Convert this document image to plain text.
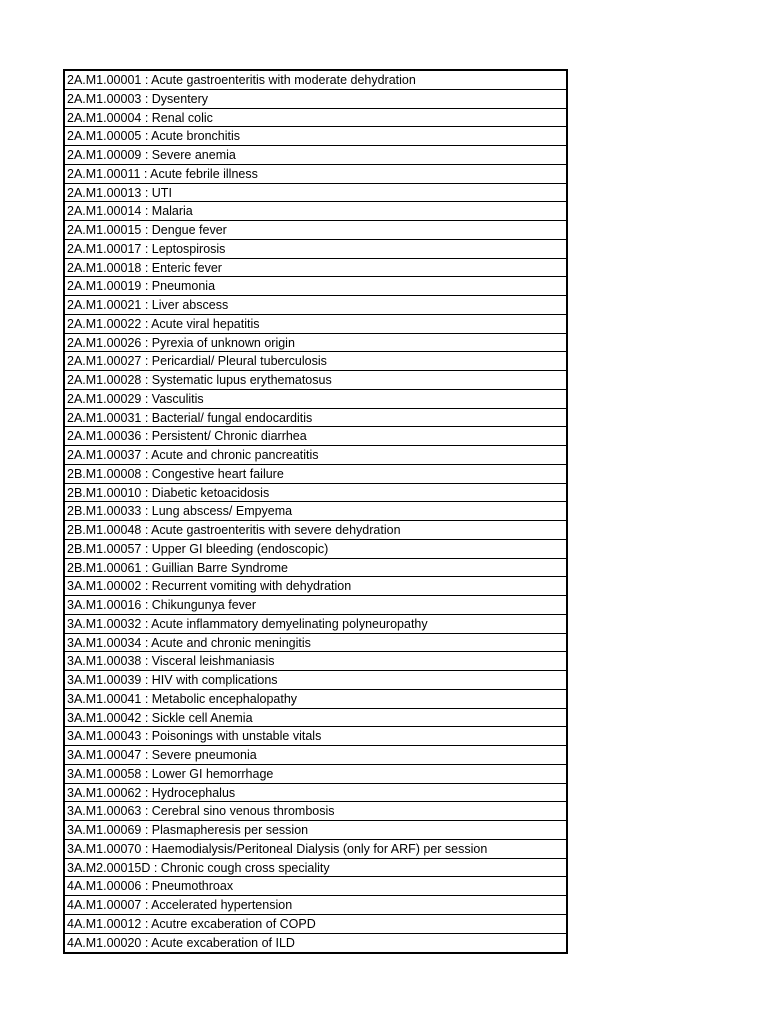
2A.M1.00001 : Acute gastroenteritis with moderate dehydration
2A.M1.00003 : Dysentery
2A.M1.00004 : Renal colic
2A.M1.00005 : Acute bronchitis
2A.M1.00009 : Severe anemia
2A.M1.00011 : Acute febrile illness
2A.M1.00013 : UTI
2A.M1.00014 : Malaria
2A.M1.00015 : Dengue fever
2A.M1.00017 : Leptospirosis
2A.M1.00018 : Enteric fever
2A.M1.00019 : Pneumonia
2A.M1.00021 : Liver abscess
2A.M1.00022 : Acute viral hepatitis
2A.M1.00026 : Pyrexia of unknown origin
2A.M1.00027 : Pericardial/ Pleural tuberculosis
2A.M1.00028 : Systematic lupus erythematosus
2A.M1.00029 : Vasculitis
2A.M1.00031 : Bacterial/ fungal endocarditis
2A.M1.00036 : Persistent/ Chronic diarrhea
2A.M1.00037 : Acute and chronic pancreatitis
2B.M1.00008 : Congestive heart failure
2B.M1.00010 : Diabetic ketoacidosis
2B.M1.00033 : Lung abscess/ Empyema
2B.M1.00048 : Acute gastroenteritis with severe dehydration
2B.M1.00057 : Upper GI bleeding (endoscopic)
2B.M1.00061 : Guillian Barre Syndrome
3A.M1.00002 : Recurrent vomiting with dehydration
3A.M1.00016 : Chikungunya fever
3A.M1.00032 : Acute inflammatory demyelinating polyneuropathy
3A.M1.00034 : Acute and chronic meningitis
3A.M1.00038 : Visceral leishmaniasis
3A.M1.00039 : HIV with complications
3A.M1.00041 : Metabolic encephalopathy
3A.M1.00042 : Sickle cell Anemia
3A.M1.00043 : Poisonings with unstable vitals
3A.M1.00047 : Severe pneumonia
3A.M1.00058 : Lower GI hemorrhage
3A.M1.00062 : Hydrocephalus
3A.M1.00063 : Cerebral sino venous thrombosis
3A.M1.00069 : Plasmapheresis per session
3A.M1.00070 : Haemodialysis/Peritoneal Dialysis (only for ARF) per session
3A.M2.00015D : Chronic cough cross speciality
4A.M1.00006 : Pneumothroax
4A.M1.00007 : Accelerated hypertension
4A.M1.00012 : Acutre excaberation of COPD
4A.M1.00020 : Acute excaberation of ILD
